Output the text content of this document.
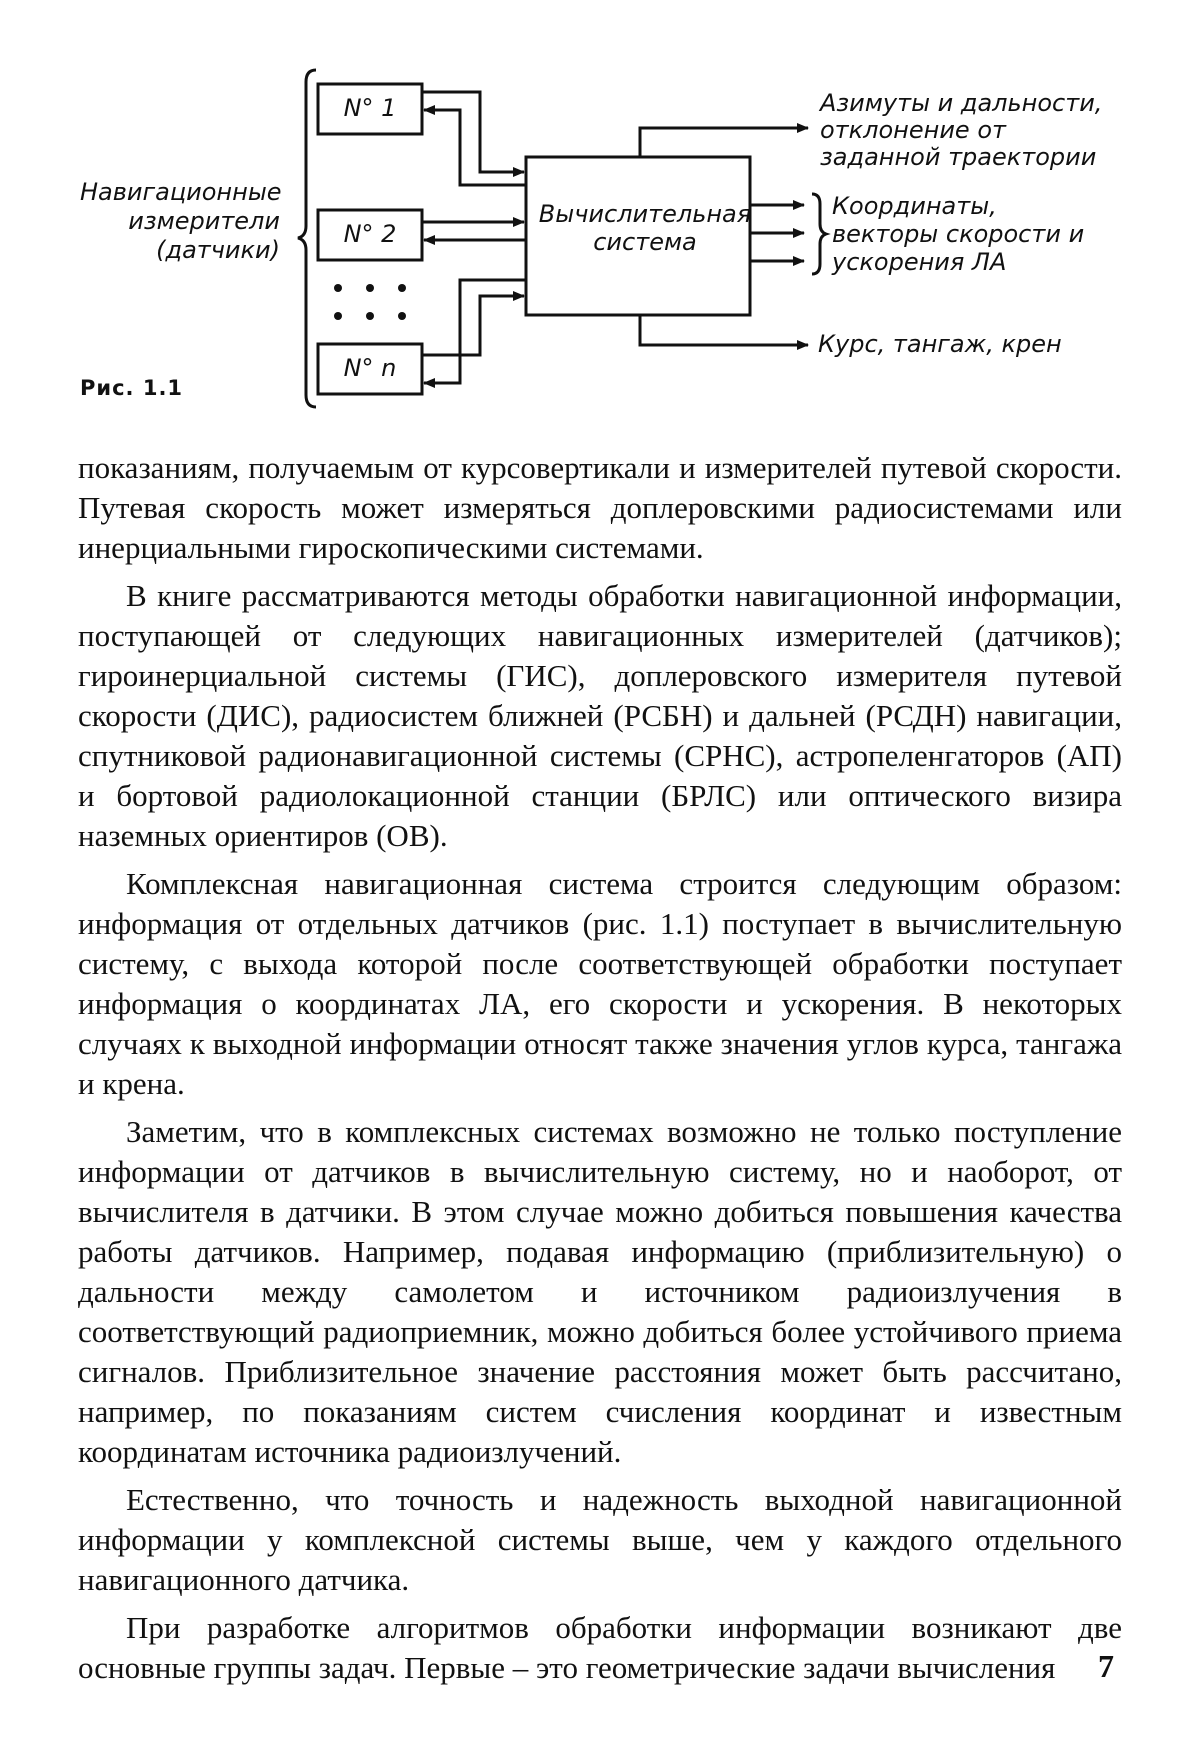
Навигационные измерители (датчики)
N° 1
N° 2
N° n
Вычислительная система
Азимуты и дальности, отклонение от заданной траектории
Координаты, векторы скорости и ускорения ЛА
Курс, тангаж, крен
Рис. 1.1

показаниям, получаемым от курсовертикали и измерителей путевой скорости. Путевая скорость может измеряться доплеровскими радиосистемами или инерциальными гироскопическими системами.

В книге рассматриваются методы обработки навигационной информации, поступающей от следующих навигационных измерителей (датчиков); гироинерциальной системы (ГИС), доплеровского измерителя путевой скорости (ДИС), радиосистем ближней (РСБН) и дальней (РСДН) навигации, спутниковой радионавигационной системы (СРНС), астропеленгаторов (АП) и бортовой радиолокационной станции (БРЛС) или оптического визира наземных ориентиров (ОВ).

Комплексная навигационная система строится следующим образом: информация от отдельных датчиков (рис. 1.1) поступает в вычислительную систему, с выхода которой после соответствующей обработки поступает информация о координатах ЛА, его скорости и ускорения. В некоторых случаях к выходной информации относят также значения углов курса, тангажа и крена.

Заметим, что в комплексных системах возможно не только поступление информации от датчиков в вычислительную систему, но и наоборот, от вычислителя в датчики. В этом случае можно добиться повышения качества работы датчиков. Например, подавая информацию (приблизительную) о дальности между самолетом и источником радиоизлучения в соответствующий радиоприемник, можно добиться более устойчивого приема сигналов. Приблизительное значение расстояния может быть рассчитано, например, по показаниям систем счисления координат и известным координатам источника радиоизлучений.

Естественно, что точность и надежность выходной навигационной информации у комплексной системы выше, чем у каждого отдельного навигационного датчика.

При разработке алгоритмов обработки информации возникают две основные группы задач. Первые – это геометрические задачи вычисления	7
